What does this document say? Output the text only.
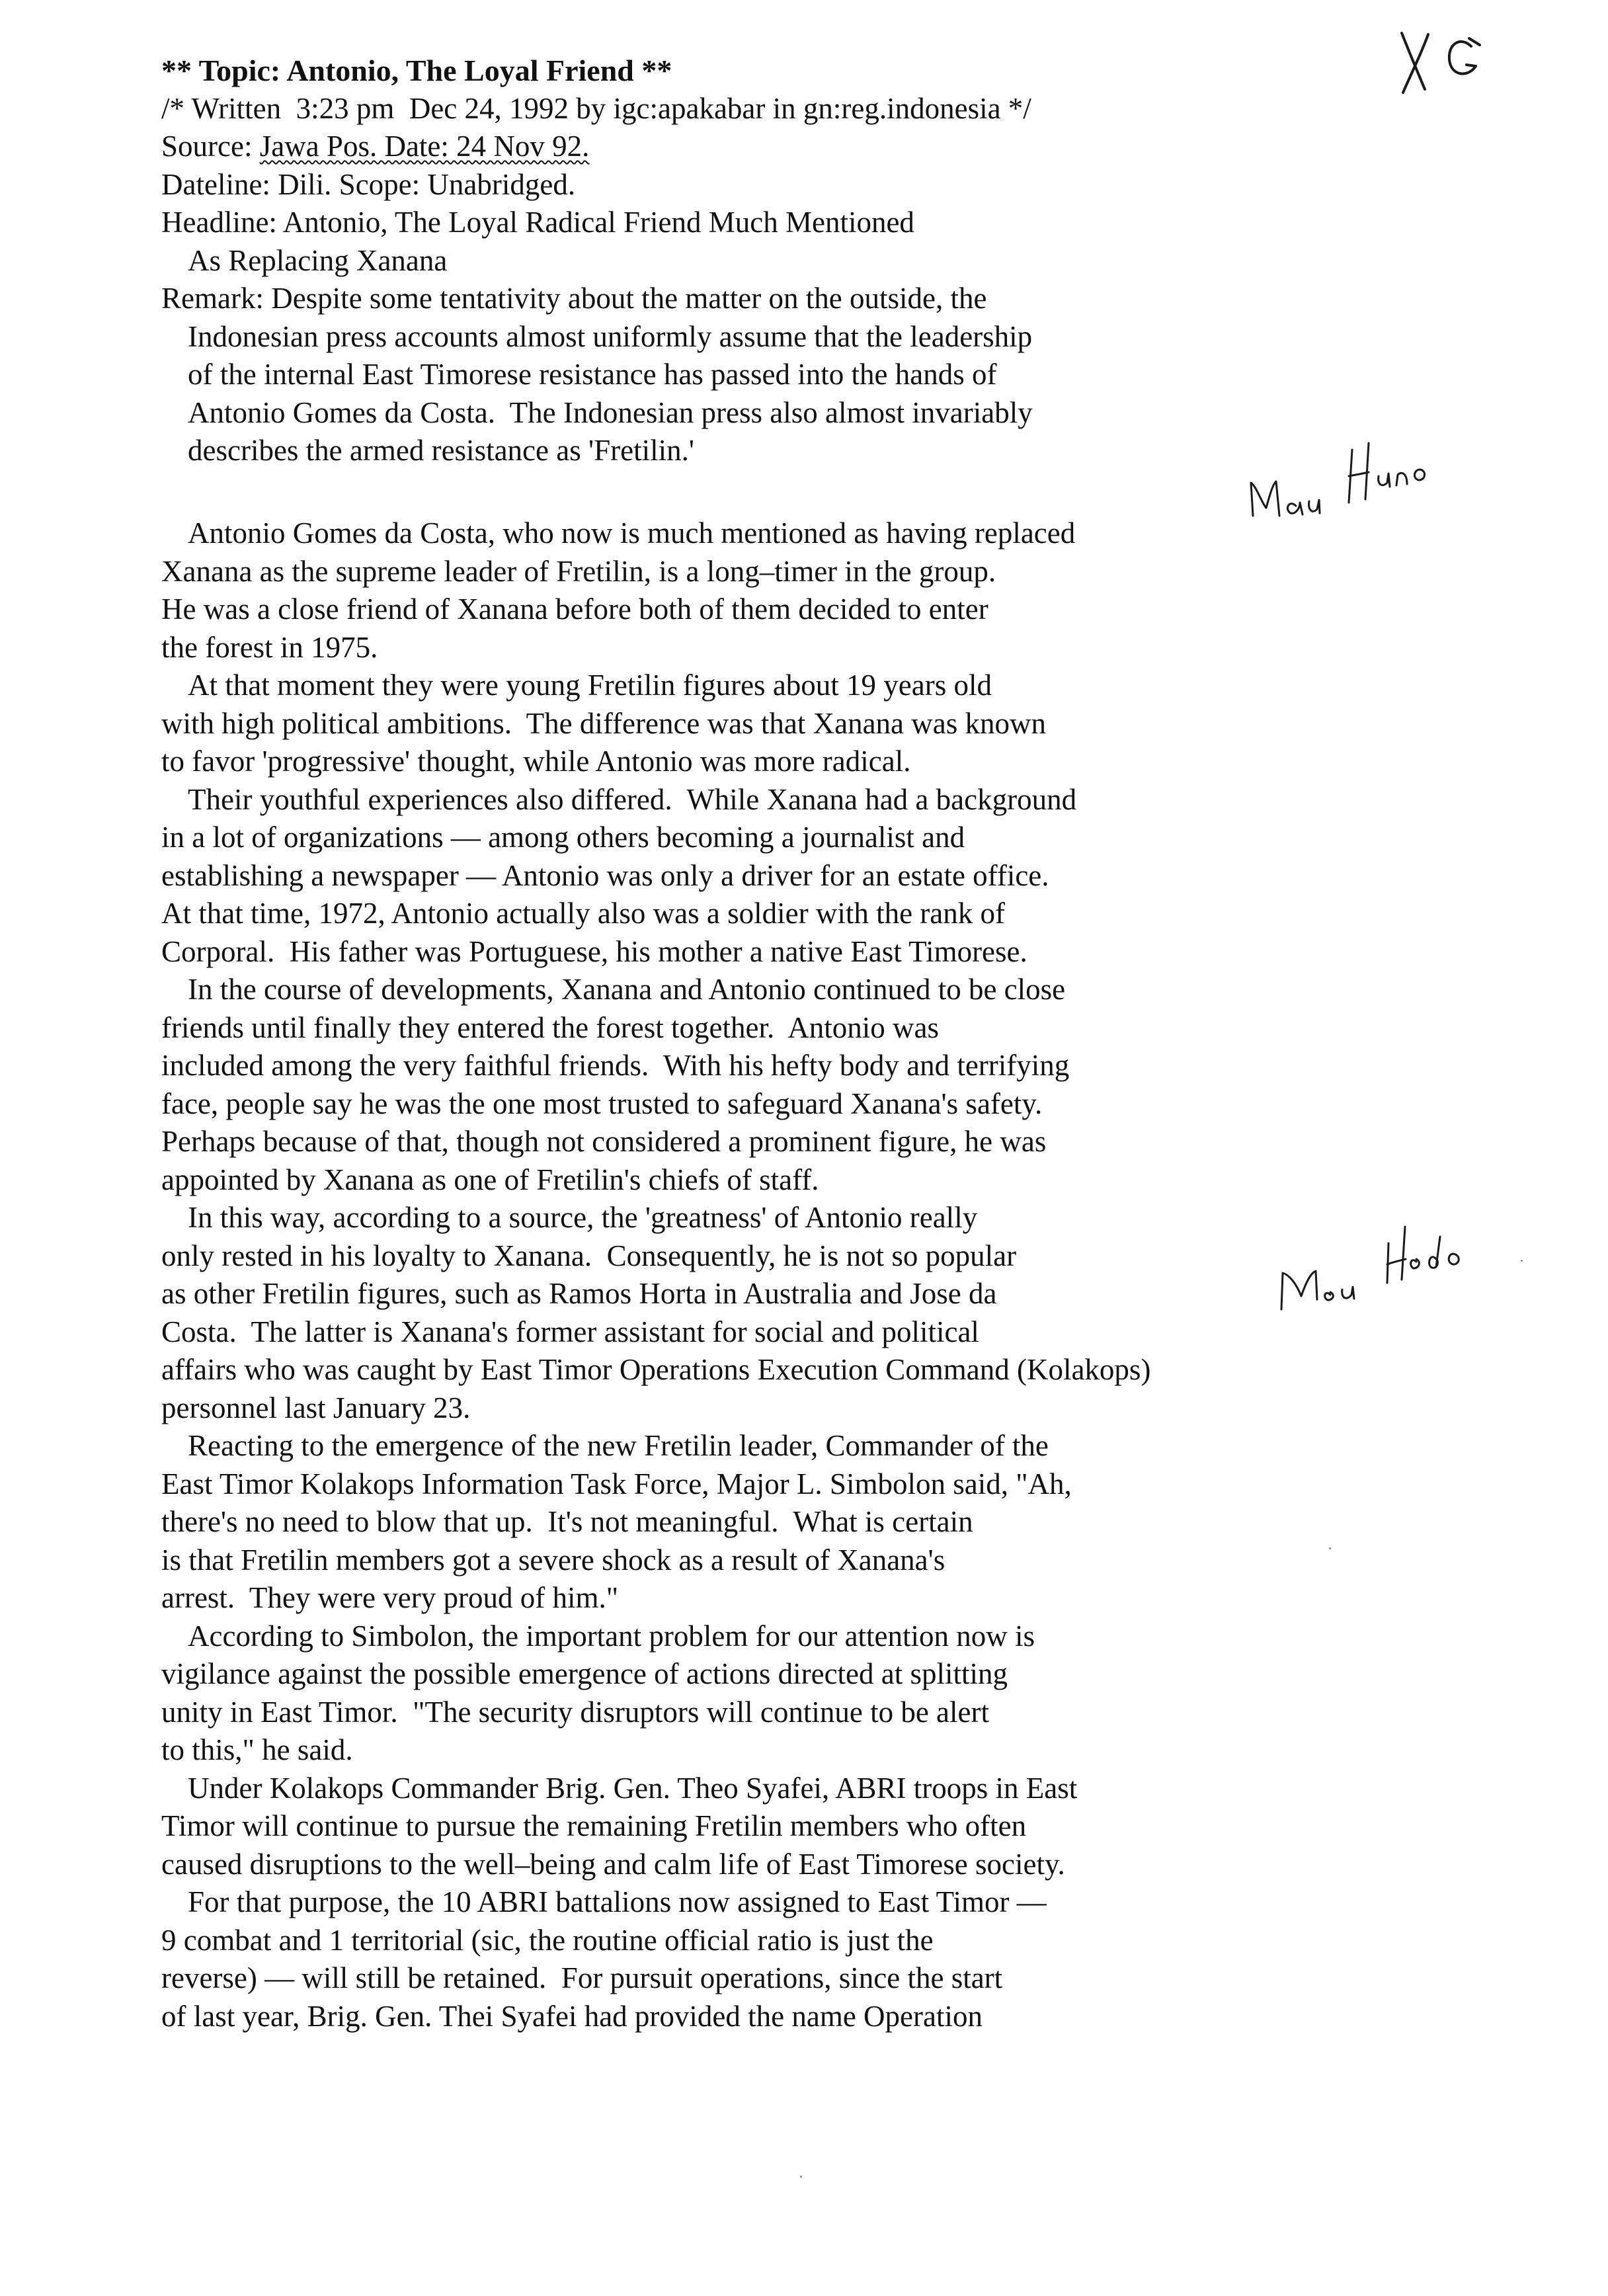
** Topic: Antonio, The Loyal Friend **
/* Written  3:23 pm  Dec 24, 1992 by igc:apakabar in gn:reg.indonesia */
Source: Jawa Pos. Date: 24 Nov 92.
Dateline: Dili. Scope: Unabridged.
Headline: Antonio, The Loyal Radical Friend Much Mentioned
As Replacing Xanana
Remark: Despite some tentativity about the matter on the outside, the
Indonesian press accounts almost uniformly assume that the leadership
of the internal East Timorese resistance has passed into the hands of
Antonio Gomes da Costa.  The Indonesian press also almost invariably
describes the armed resistance as 'Fretilin.'
Antonio Gomes da Costa, who now is much mentioned as having replaced
Xanana as the supreme leader of Fretilin, is a long–timer in the group.
He was a close friend of Xanana before both of them decided to enter
the forest in 1975.
At that moment they were young Fretilin figures about 19 years old
with high political ambitions.  The difference was that Xanana was known
to favor 'progressive' thought, while Antonio was more radical.
Their youthful experiences also differed.  While Xanana had a background
in a lot of organizations –– among others becoming a journalist and
establishing a newspaper –– Antonio was only a driver for an estate office.
At that time, 1972, Antonio actually also was a soldier with the rank of
Corporal.  His father was Portuguese, his mother a native East Timorese.
In the course of developments, Xanana and Antonio continued to be close
friends until finally they entered the forest together.  Antonio was
included among the very faithful friends.  With his hefty body and terrifying
face, people say he was the one most trusted to safeguard Xanana's safety.
Perhaps because of that, though not considered a prominent figure, he was
appointed by Xanana as one of Fretilin's chiefs of staff.
In this way, according to a source, the 'greatness' of Antonio really
only rested in his loyalty to Xanana.  Consequently, he is not so popular
as other Fretilin figures, such as Ramos Horta in Australia and Jose da
Costa.  The latter is Xanana's former assistant for social and political
affairs who was caught by East Timor Operations Execution Command (Kolakops)
personnel last January 23.
Reacting to the emergence of the new Fretilin leader, Commander of the
East Timor Kolakops Information Task Force, Major L. Simbolon said, "Ah,
there's no need to blow that up.  It's not meaningful.  What is certain
is that Fretilin members got a severe shock as a result of Xanana's
arrest.  They were very proud of him."
According to Simbolon, the important problem for our attention now is
vigilance against the possible emergence of actions directed at splitting
unity in East Timor.  "The security disruptors will continue to be alert
to this," he said.
Under Kolakops Commander Brig. Gen. Theo Syafei, ABRI troops in East
Timor will continue to pursue the remaining Fretilin members who often
caused disruptions to the well–being and calm life of East Timorese society.
For that purpose, the 10 ABRI battalions now assigned to East Timor ––
9 combat and 1 territorial (sic, the routine official ratio is just the
reverse) –– will still be retained.  For pursuit operations, since the start
of last year, Brig. Gen. Thei Syafei had provided the name Operation
